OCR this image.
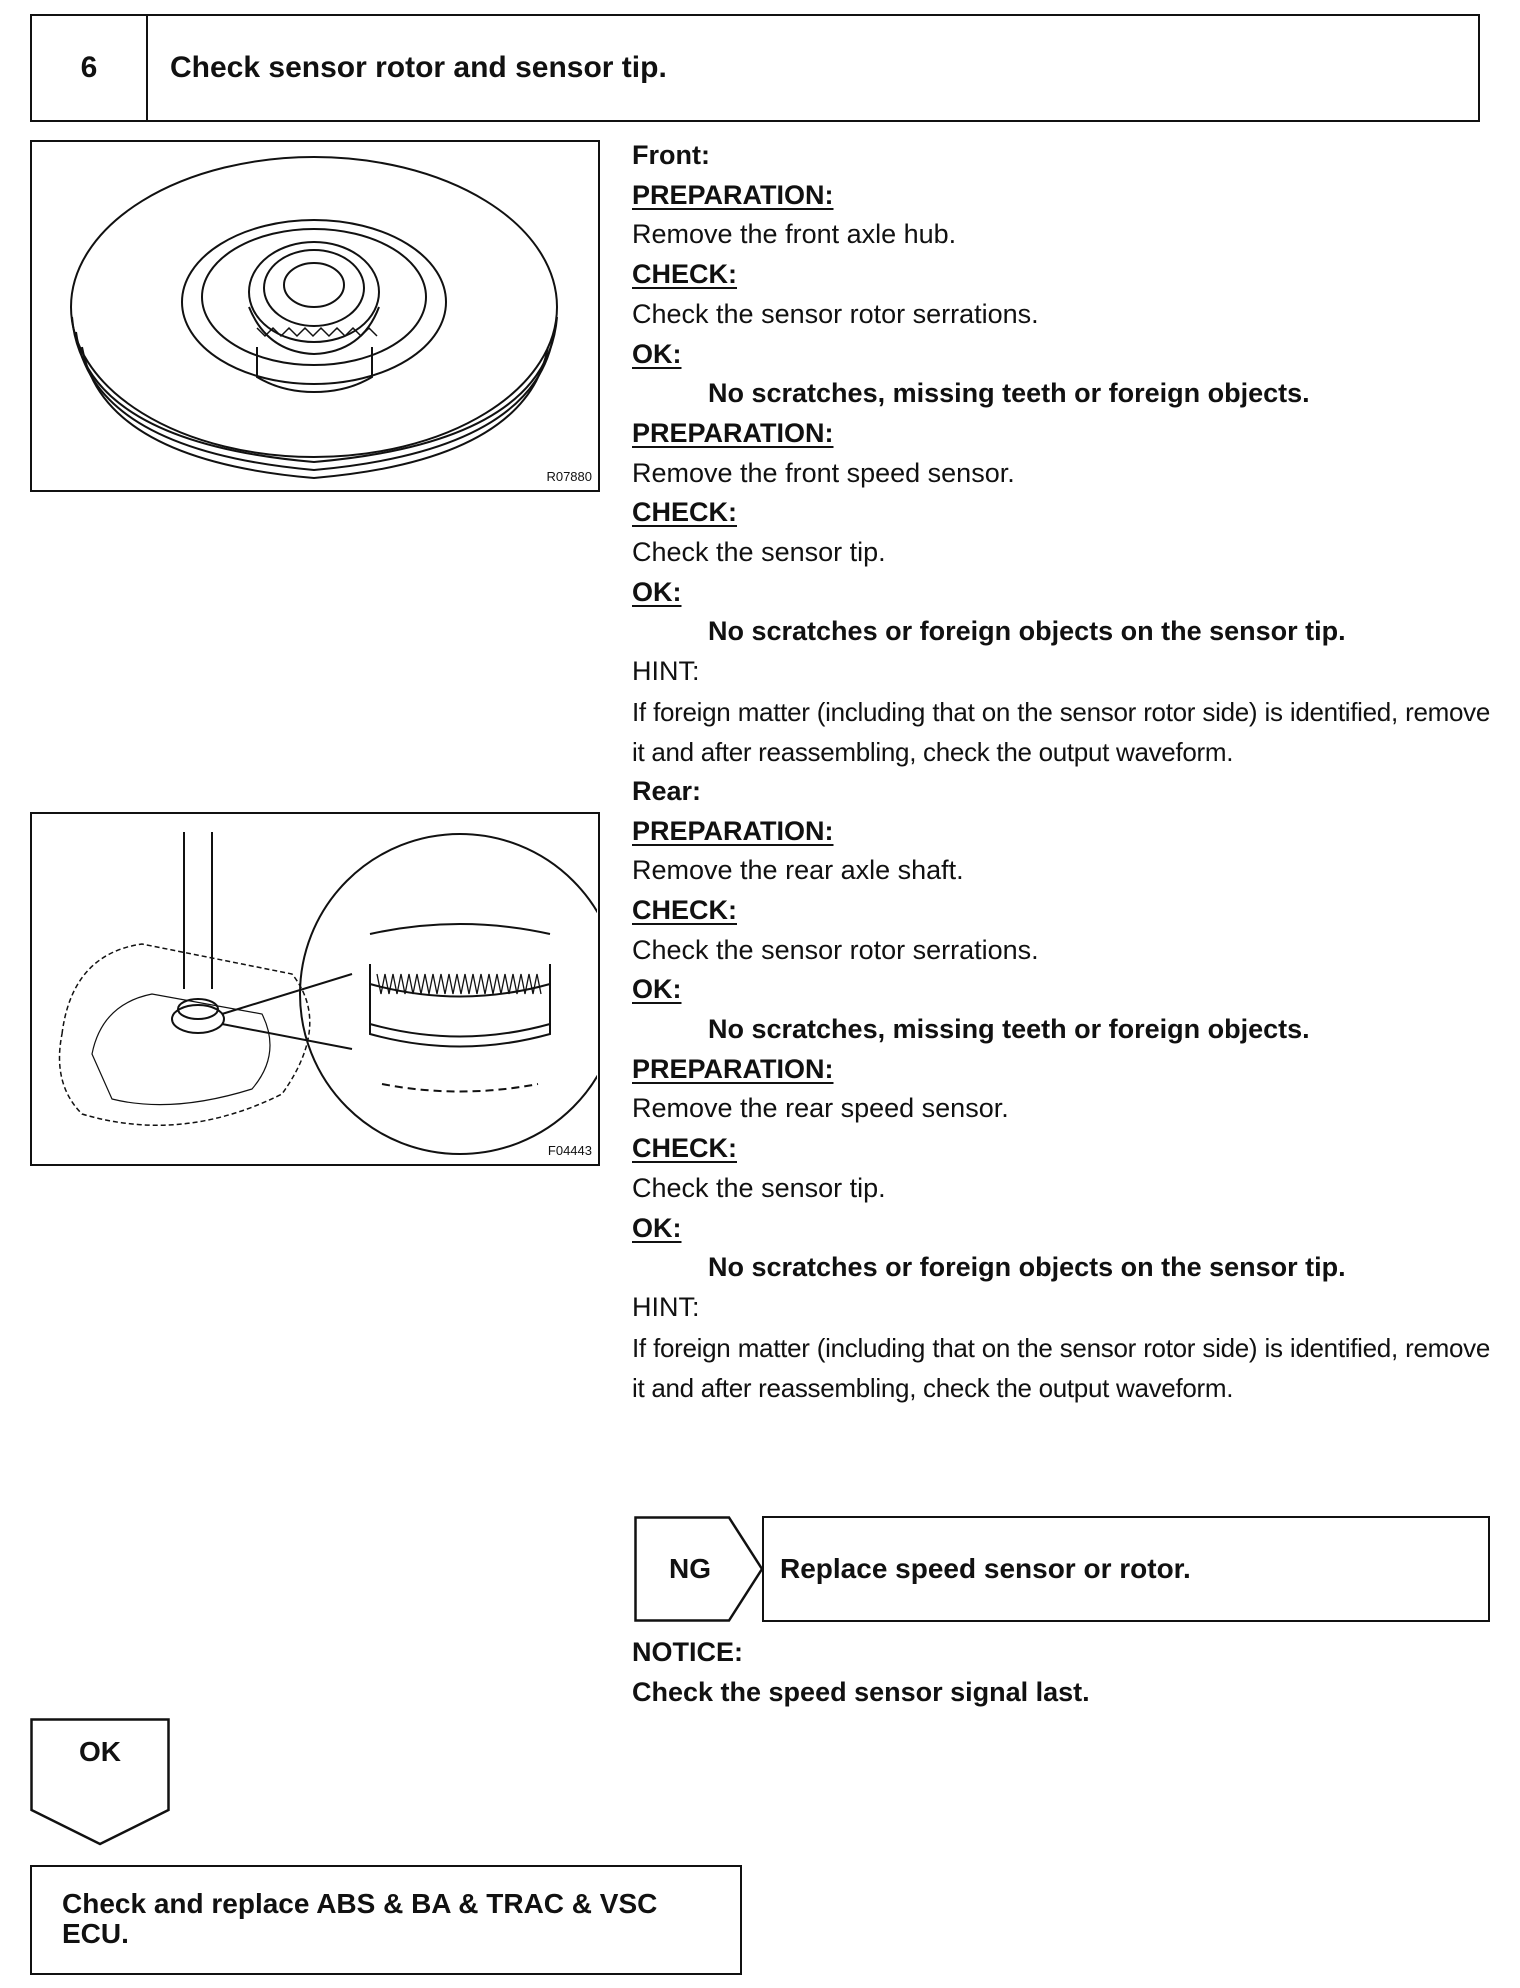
6	Check sensor rotor and sensor tip.
R07880
F04443
Front:
PREPARATION:
Remove the front axle hub.
CHECK:
Check the sensor rotor serrations.
OK:
No scratches, missing teeth or foreign objects.
PREPARATION:
Remove the front speed sensor.
CHECK:
Check the sensor tip.
OK:
No scratches or foreign objects on the sensor tip.
HINT:
If foreign matter (including that on the sensor rotor side) is identified, remove it and after reassembling, check the output waveform.
Rear:
PREPARATION:
Remove the rear axle shaft.
CHECK:
Check the sensor rotor serrations.
OK:
No scratches, missing teeth or foreign objects.
PREPARATION:
Remove the rear speed sensor.
CHECK:
Check the sensor tip.
OK:
No scratches or foreign objects on the sensor tip.
HINT:
If foreign matter (including that on the sensor rotor side) is identified, remove it and after reassembling, check the output waveform.
NG	Replace speed sensor or rotor.
NOTICE:
Check the speed sensor signal last.
OK
Check and replace ABS & BA & TRAC & VSC ECU.
